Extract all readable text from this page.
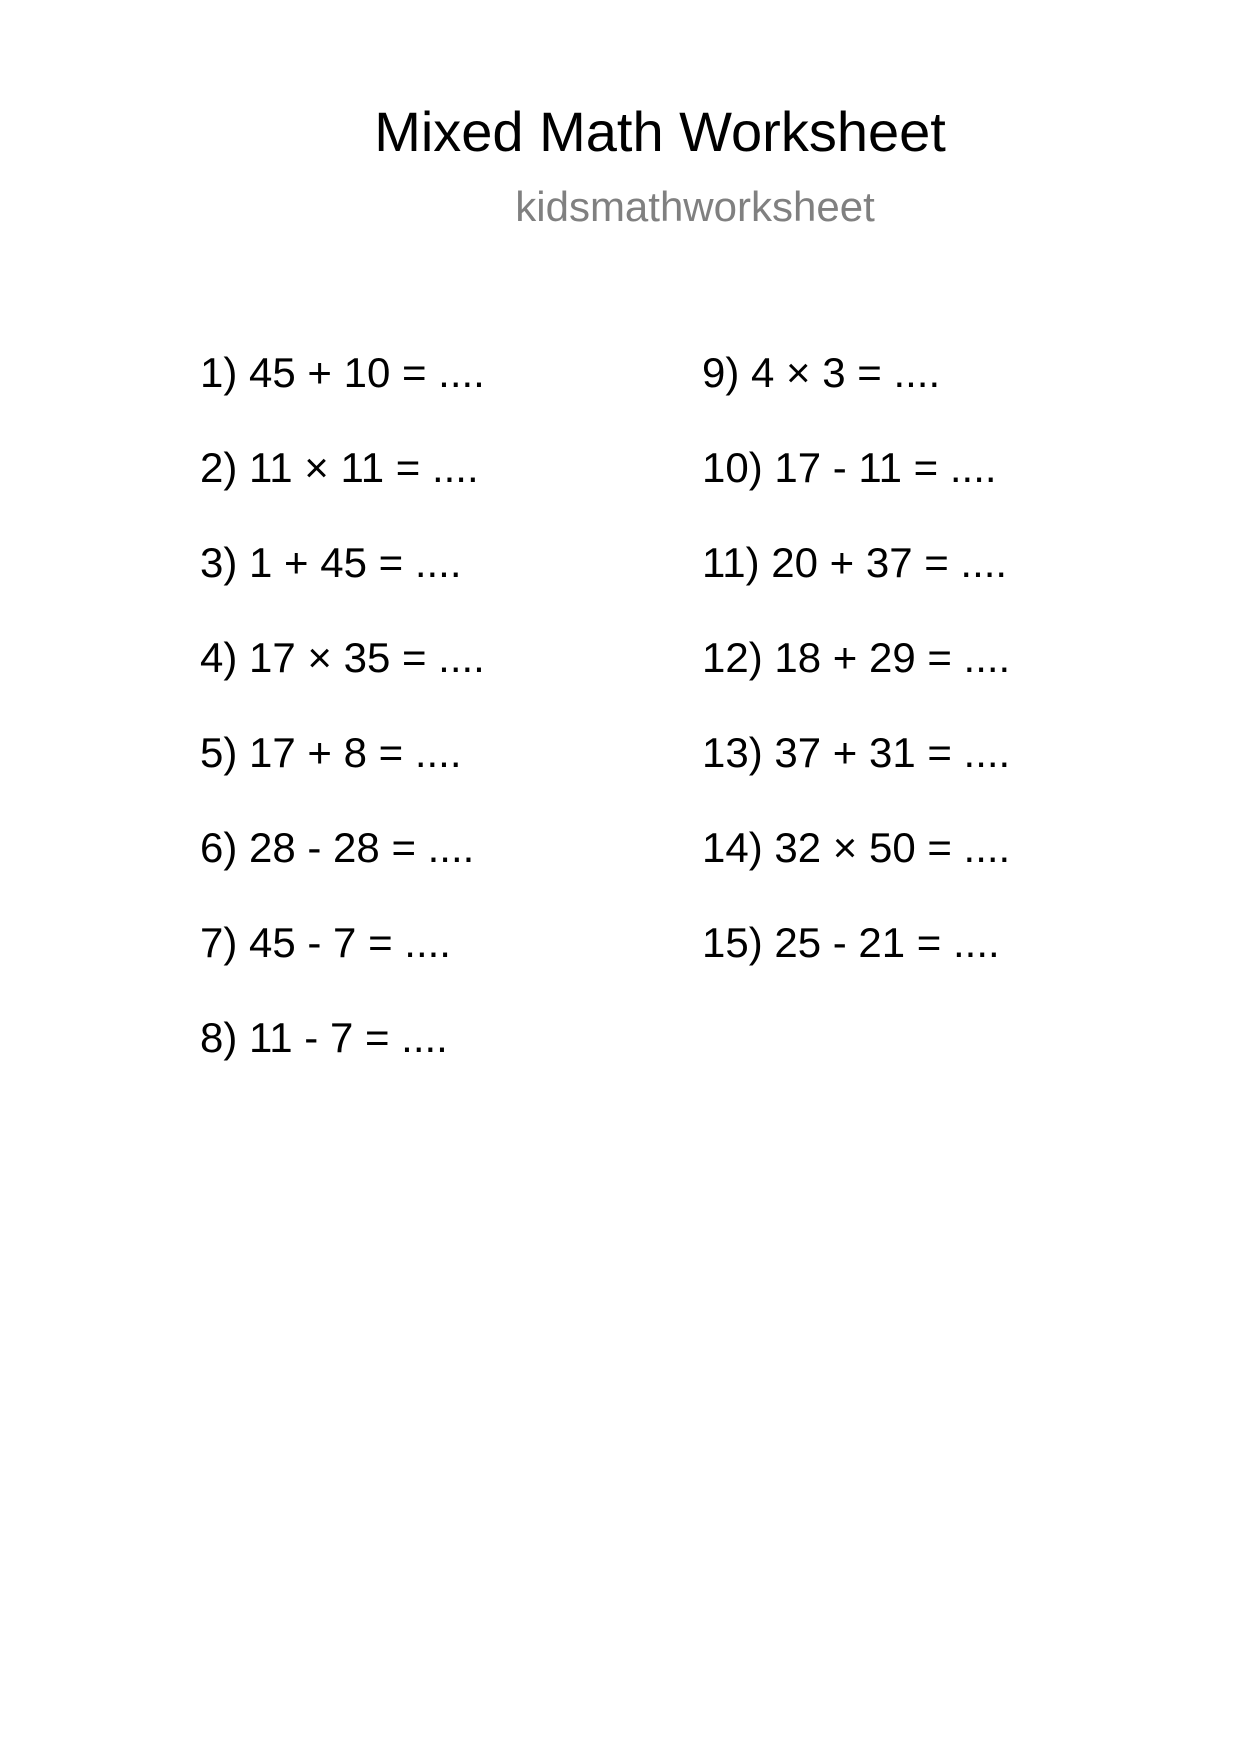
Mixed Math Worksheet
kidsmathworksheet
1) 45 + 10 = ....
2) 11 × 11 = ....
3) 1 + 45 = ....
4) 17 × 35 = ....
5) 17 + 8 = ....
6) 28 - 28 = ....
7) 45 - 7 = ....
8) 11 - 7 = ....
9) 4 × 3 = ....
10) 17 - 11 = ....
11) 20 + 37 = ....
12) 18 + 29 = ....
13) 37 + 31 = ....
14) 32 × 50 = ....
15) 25 - 21 = ....
